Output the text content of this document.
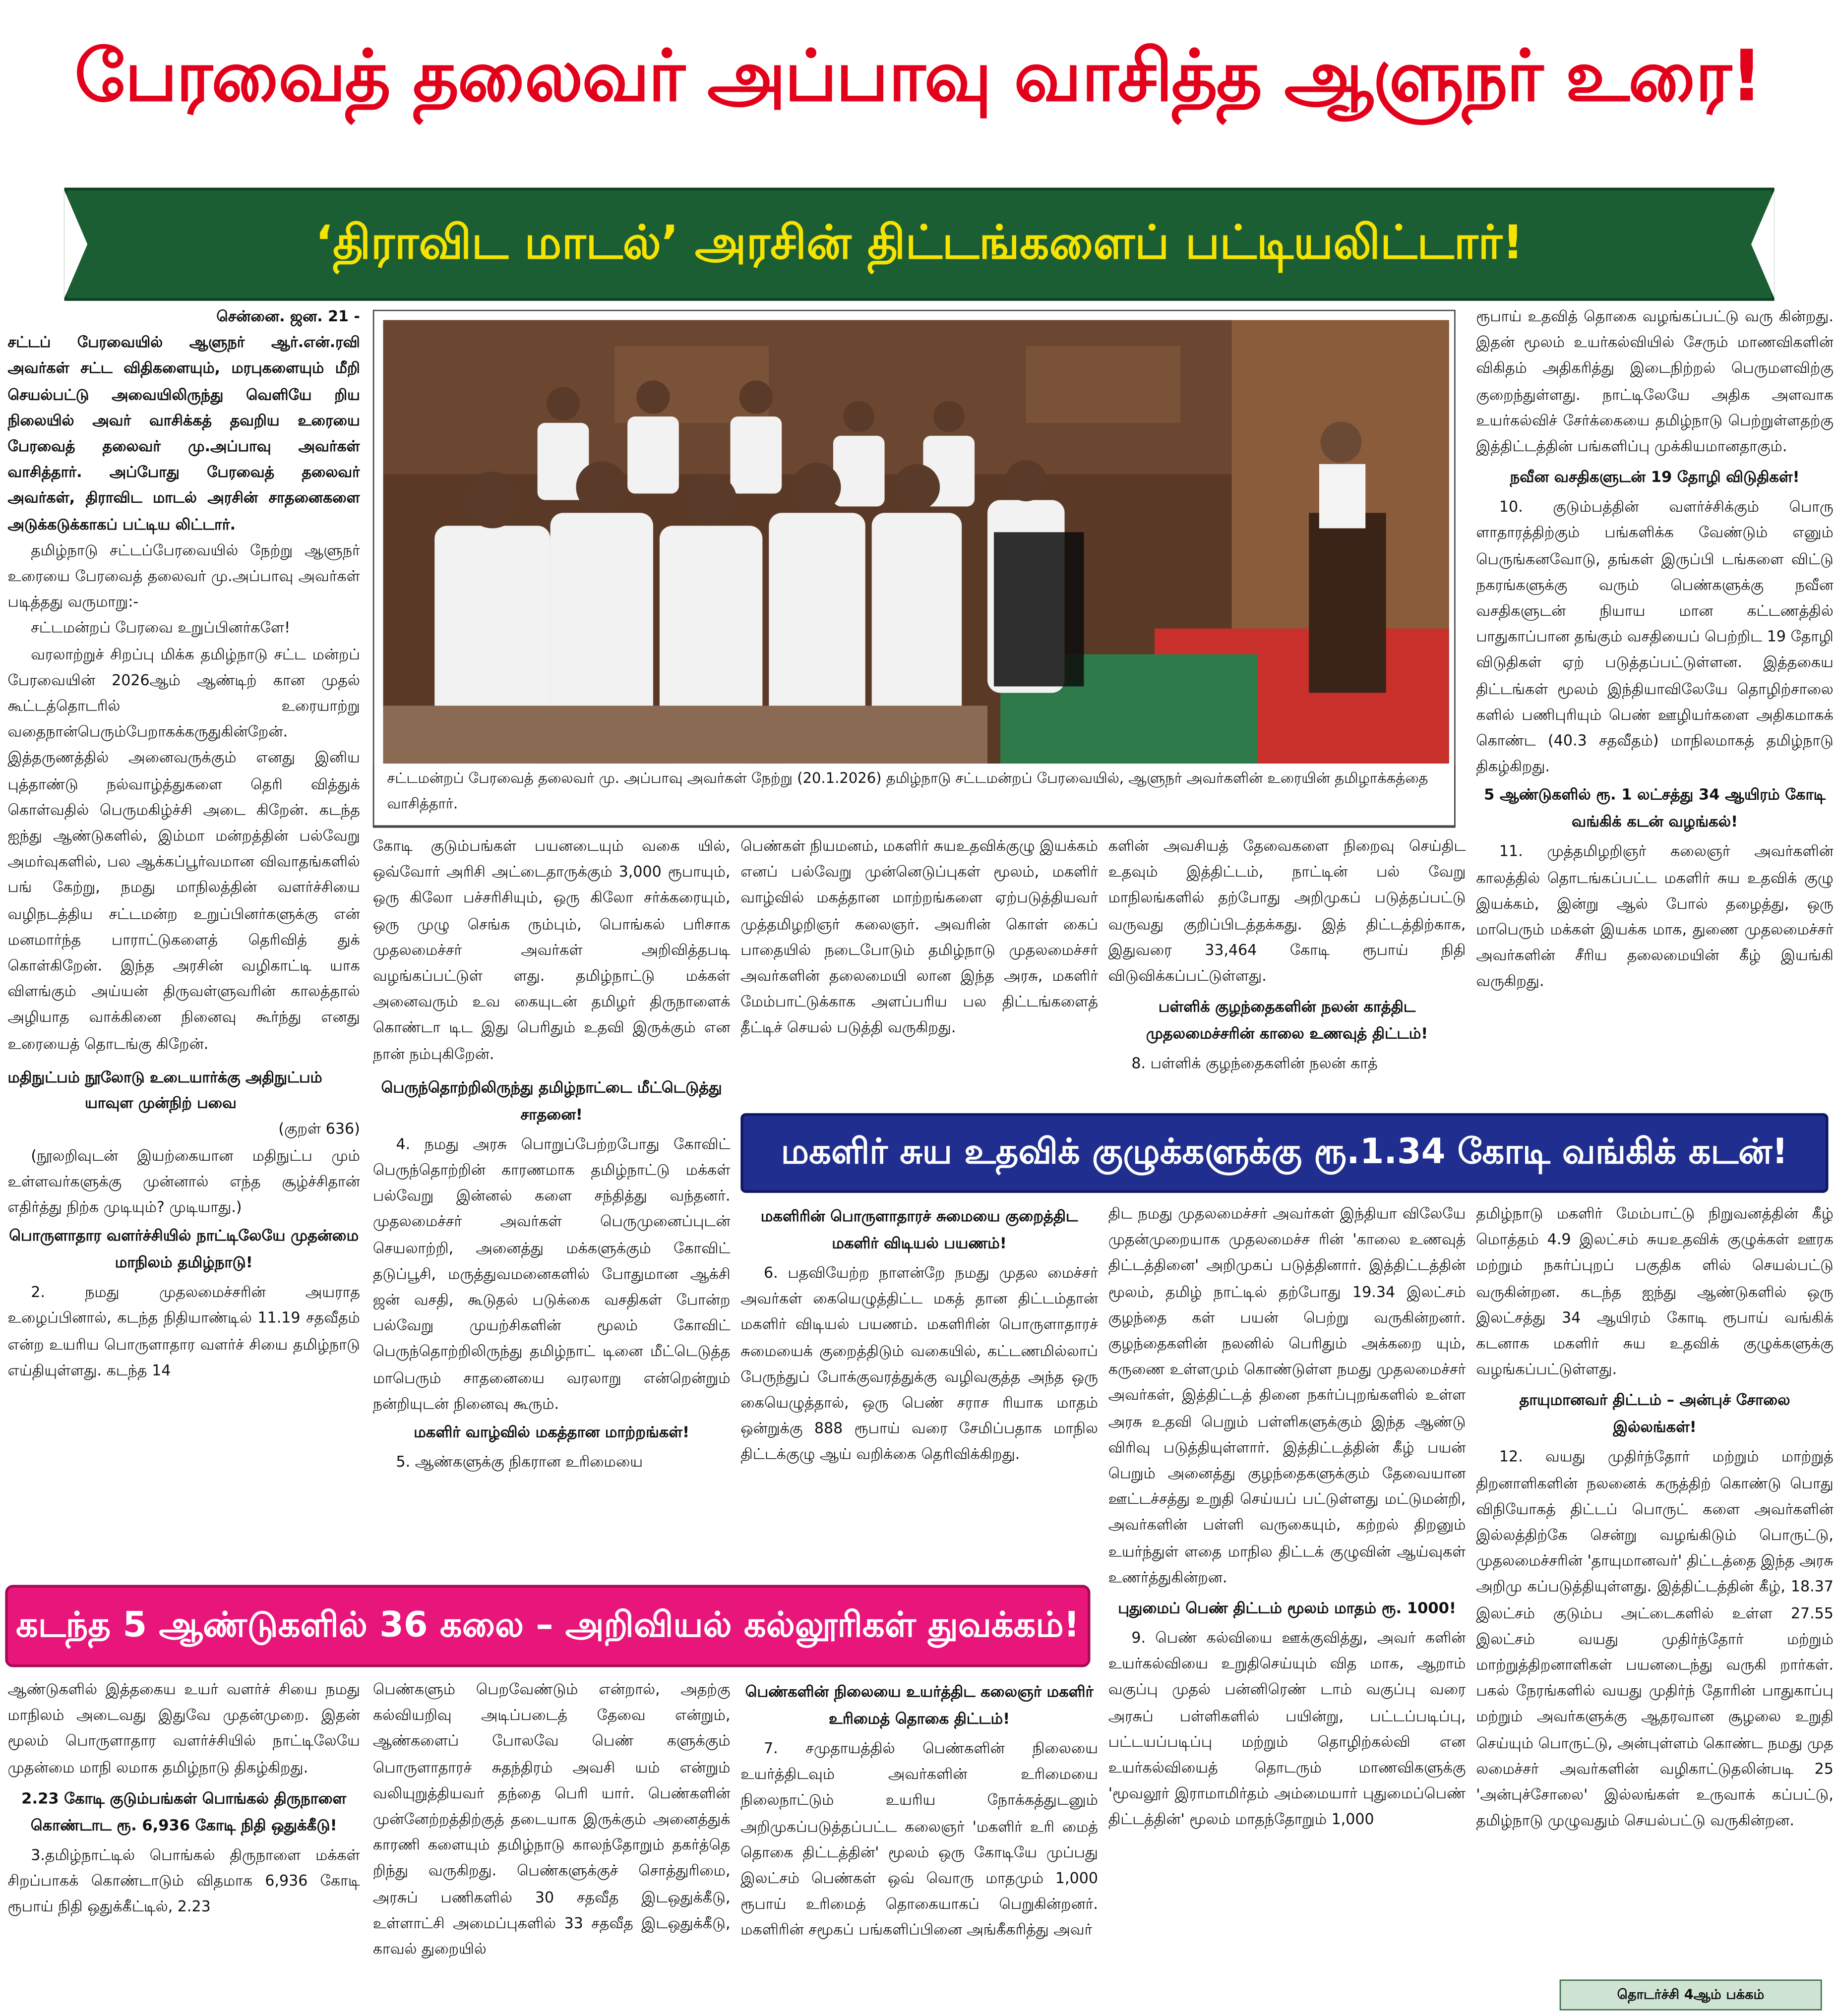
பேரவைத் தலைவர் அப்பாவு வாசித்த ஆளுநர் உரை!
‘திராவிட மாடல்’ அரசின் திட்டங்களைப் பட்டியலிட்டார்!
சென்னை. ஜன. 21 -

சட்டப் பேரவையில் ஆளுநர் ஆர்.என்.ரவி அவர்கள் சட்ட விதிகளையும், மரபுகளையும் மீறி செயல்பட்டு அவையிலிருந்து வெளியே றிய நிலையில் அவர் வாசிக்கத் தவறிய உரையை பேரவைத் தலைவர் மு.அப்பாவு அவர்கள் வாசித்தார். அப்போது பேரவைத் தலைவர் அவர்கள், திராவிட மாடல் அரசின் சாதனைகளை அடுக்கடுக்காகப் பட்டிய லிட்டார்.

தமிழ்நாடு சட்டப்பேரவையில் நேற்று ஆளுநர் உரையை பேரவைத் தலைவர் மு.அப்பாவு அவர்கள் படித்தது வருமாறு:-

சட்டமன்றப் பேரவை உறுப்பினர்களே!

வரலாற்றுச் சிறப்பு மிக்க தமிழ்நாடு சட்ட மன்றப் பேரவையின் 2026ஆம் ஆண்டிற் கான முதல் கூட்டத்தொடரில் உரையாற்று வதைநான்பெரும்பேறாகக்கருதுகின்றேன். இத்தருணத்தில் அனைவருக்கும் எனது இனிய புத்தாண்டு நல்வாழ்த்துகளை தெரி வித்துக் கொள்வதில் பெருமகிழ்ச்சி அடை கிறேன். கடந்த ஐந்து ஆண்டுகளில், இம்மா மன்றத்தின் பல்வேறு அமர்வுகளில், பல ஆக்கப்பூர்வமான விவாதங்களில் பங் கேற்று, நமது மாநிலத்தின் வளர்ச்சியை வழிநடத்திய சட்டமன்ற உறுப்பினர்களுக்கு என் மனமார்ந்த பாராட்டுகளைத் தெரிவித் துக் கொள்கிறேன். இந்த அரசின் வழிகாட்டி யாக விளங்கும் அய்யன் திருவள்ளுவரின் காலத்தால் அழியாத வாக்கினை நினைவு கூர்ந்து எனது உரையைத் தொடங்கு கிறேன்.

மதிநுட்பம் நூலோடு உடையார்க்கு அதிநுட்பம்

யாவுள முன்நிற் பவை

(குறள் 636)

(நூலறிவுடன் இயற்கையான மதிநுட்ப மும் உள்ளவர்களுக்கு முன்னால் எந்த சூழ்ச்சிதான் எதிர்த்து நிற்க முடியும்? முடியாது.)

பொருளாதார வளர்ச்சியில் நாட்டிலேயே முதன்மை மாநிலம் தமிழ்நாடு!

2. நமது முதலமைச்சரின் அயராத உழைப்பினால், கடந்த நிதியாண்டில் 11.19 சதவீதம் என்ற உயரிய பொருளாதார வளர்ச் சியை தமிழ்நாடு எய்தியுள்ளது. கடந்த 14

சட்டமன்றப் பேரவைத் தலைவர் மு. அப்பாவு அவர்கள் நேற்று (20.1.2026) தமிழ்நாடு சட்டமன்றப் பேரவையில், ஆளுநர் அவர்களின் உரையின் தமிழாக்கத்தை வாசித்தார்.

கோடி குடும்பங்கள் பயனடையும் வகை யில், ஒவ்வோர் அரிசி அட்டைதாருக்கும் 3,000 ரூபாயும், ஒரு கிலோ பச்சரிசியும், ஒரு கிலோ சர்க்கரையும், ஒரு முழு செங்க ரும்பும், பொங்கல் பரிசாக முதலமைச்சர் அவர்கள் அறிவித்தபடி வழங்கப்பட்டுள் ளது. தமிழ்நாட்டு மக்கள் அனைவரும் உவ கையுடன் தமிழர் திருநாளைக் கொண்டா டிட இது பெரிதும் உதவி இருக்கும் என நான் நம்புகிறேன்.

பெருந்தொற்றிலிருந்து தமிழ்நாட்டை மீட்டெடுத்து சாதனை!

4. நமது அரசு பொறுப்பேற்றபோது கோவிட் பெருந்தொற்றின் காரணமாக தமிழ்நாட்டு மக்கள் பல்வேறு இன்னல் களை சந்தித்து வந்தனர். முதலமைச்சர் அவர்கள் பெருமுனைப்புடன் செயலாற்றி, அனைத்து மக்களுக்கும் கோவிட் தடுப்பூசி, மருத்துவமனைகளில் போதுமான ஆக்சி ஜன் வசதி, கூடுதல் படுக்கை வசதிகள் போன்ற பல்வேறு முயற்சிகளின் மூலம் கோவிட் பெருந்தொற்றிலிருந்து தமிழ்நாட் டினை மீட்டெடுத்த மாபெரும் சாதனையை வரலாறு என்றென்றும் நன்றியுடன் நினைவு கூரும்.

மகளிர் வாழ்வில் மகத்தான மாற்றங்கள்!

5. ஆண்களுக்கு நிகரான உரிமையை

பெண்கள் நியமனம், மகளிர் சுயஉதவிக்குழு இயக்கம் எனப் பல்வேறு முன்னெடுப்புகள் மூலம், மகளிர் வாழ்வில் மகத்தான மாற்றங்களை ஏற்படுத்தியவர் முத்தமிழறிஞர் கலைஞர். அவரின் கொள் கைப் பாதையில் நடைபோடும் தமிழ்நாடு முதலமைச்சர் அவர்களின் தலைமையி லான இந்த அரசு, மகளிர் மேம்பாட்டுக்காக அளப்பரிய பல திட்டங்களைத் தீட்டிச் செயல் படுத்தி வருகிறது.

களின் அவசியத் தேவைகளை நிறைவு செய்திட உதவும் இத்திட்டம், நாட்டின் பல் வேறு மாநிலங்களில் தற்போது அறிமுகப் படுத்தப்பட்டு வருவது குறிப்பிடத்தக்கது. இத் திட்டத்திற்காக, இதுவரை 33,464 கோடி ரூபாய் நிதி விடுவிக்கப்பட்டுள்ளது.

பள்ளிக் குழந்தைகளின் நலன் காத்திட முதலமைச்சரின் காலை உணவுத் திட்டம்!

8. பள்ளிக் குழந்தைகளின் நலன் காத்

ரூபாய் உதவித் தொகை வழங்கப்பட்டு வரு கின்றது. இதன் மூலம் உயர்கல்வியில் சேரும் மாணவிகளின் விகிதம் அதிகரித்து இடைநிற்றல் பெருமளவிற்கு குறைந்துள்ளது. நாட்டிலேயே அதிக அளவாக உயர்கல்விச் சேர்க்கையை தமிழ்நாடு பெற்றுள்ளதற்கு இத்திட்டத்தின் பங்களிப்பு முக்கியமானதாகும்.

நவீன வசதிகளுடன் 19 தோழி விடுதிகள்!

10. குடும்பத்தின் வளர்ச்சிக்கும் பொரு ளாதாரத்திற்கும் பங்களிக்க வேண்டும் எனும் பெருங்கனவோடு, தங்கள் இருப்பி டங்களை விட்டு நகரங்களுக்கு வரும் பெண்களுக்கு நவீன வசதிகளுடன் நியாய மான கட்டணத்தில் பாதுகாப்பான தங்கும் வசதியைப் பெற்றிட 19 தோழி விடுதிகள் ஏற் படுத்தப்பட்டுள்ளன. இத்தகைய திட்டங்கள் மூலம் இந்தியாவிலேயே தொழிற்சாலை களில் பணிபுரியும் பெண் ஊழியர்களை அதிகமாகக் கொண்ட (40.3 சதவீதம்) மாநிலமாகத் தமிழ்நாடு திகழ்கிறது.

5 ஆண்டுகளில் ரூ. 1 லட்சத்து 34 ஆயிரம் கோடி வங்கிக் கடன் வழங்கல்!

11. முத்தமிழறிஞர் கலைஞர் அவர்களின் காலத்தில் தொடங்கப்பட்ட மகளிர் சுய உதவிக் குழு இயக்கம், இன்று ஆல் போல் தழைத்து, ஒரு மாபெரும் மக்கள் இயக்க மாக, துணை முதலமைச்சர் அவர்களின் சீரிய தலைமையின் கீழ் இயங்கி வருகிறது.

மகளிர் சுய உதவிக் குழுக்களுக்கு ரூ.1.34 கோடி வங்கிக் கடன்!
மகளிரின் பொருளாதாரச் சுமையை குறைத்திட மகளிர் விடியல் பயணம்!

6. பதவியேற்ற நாளன்றே நமது முதல மைச்சர் அவர்கள் கையெழுத்திட்ட மகத் தான திட்டம்தான் மகளிர் விடியல் பயணம். மகளிரின் பொருளாதாரச் சுமையைக் குறைத்திடும் வகையில், கட்டணமில்லாப் பேருந்துப் போக்குவரத்துக்கு வழிவகுத்த அந்த ஒரு கையெழுத்தால், ஒரு பெண் சராச ரியாக மாதம் ஒன்றுக்கு 888 ரூபாய் வரை சேமிப்பதாக மாநில திட்டக்குழு ஆய் வறிக்கை தெரிவிக்கிறது.

திட நமது முதலமைச்சர் அவர்கள் இந்தியா விலேயே முதன்முறையாக முதலமைச்ச ரின் 'காலை உணவுத் திட்டத்தினை' அறிமுகப் படுத்தினார். இத்திட்டத்தின் மூலம், தமிழ் நாட்டில் தற்போது 19.34 இலட்சம் குழந்தை கள் பயன் பெற்று வருகின்றனர். குழந்தைகளின் நலனில் பெரிதும் அக்கறை யும், கருணை உள்ளமும் கொண்டுள்ள நமது முதலமைச்சர் அவர்கள், இத்திட்டத் தினை நகர்ப்புறங்களில் உள்ள அரசு உதவி பெறும் பள்ளிகளுக்கும் இந்த ஆண்டு விரிவு படுத்தியுள்ளார். இத்திட்டத்தின் கீழ் பயன் பெறும் அனைத்து குழந்தைகளுக்கும் தேவையான ஊட்டச்சத்து உறுதி செய்யப் பட்டுள்ளது மட்டுமன்றி, அவர்களின் பள்ளி வருகையும், கற்றல் திறனும் உயர்ந்துள் ளதை மாநில திட்டக் குழுவின் ஆய்வுகள் உணர்த்துகின்றன.

புதுமைப் பெண் திட்டம் மூலம் மாதம் ரூ. 1000!

9. பெண் கல்வியை ஊக்குவித்து, அவர் களின் உயர்கல்வியை உறுதிசெய்யும் வித மாக, ஆறாம் வகுப்பு முதல் பன்னிரெண் டாம் வகுப்பு வரை அரசுப் பள்ளிகளில் பயின்று, பட்டப்படிப்பு, பட்டயப்படிப்பு மற்றும் தொழிற்கல்வி என உயர்கல்வியைத் தொடரும் மாணவிகளுக்கு 'மூவலூர் இராமாமிர்தம் அம்மையார் புதுமைப்பெண் திட்டத்தின்' மூலம் மாதந்தோறும் 1,000

தமிழ்நாடு மகளிர் மேம்பாட்டு நிறுவனத்தின் கீழ் மொத்தம் 4.9 இலட்சம் சுயஉதவிக் குழுக்கள் ஊரக மற்றும் நகர்ப்புறப் பகுதிக ளில் செயல்பட்டு வருகின்றன. கடந்த ஐந்து ஆண்டுகளில் ஒரு இலட்சத்து 34 ஆயிரம் கோடி ரூபாய் வங்கிக் கடனாக மகளிர் சுய உதவிக் குழுக்களுக்கு வழங்கப்பட்டுள்ளது.

தாயுமானவர் திட்டம் – அன்புச் சோலை இல்லங்கள்!

12. வயது முதிர்ந்தோர் மற்றும் மாற்றுத் திறனாளிகளின் நலனைக் கருத்திற் கொண்டு பொது விநியோகத் திட்டப் பொருட் களை அவர்களின் இல்லத்திற்கே சென்று வழங்கிடும் பொருட்டு, முதலமைச்சரின் 'தாயுமானவர்' திட்டத்தை இந்த அரசு அறிமு கப்படுத்தியுள்ளது. இத்திட்டத்தின் கீழ், 18.37 இலட்சம் குடும்ப அட்டைகளில் உள்ள 27.55 இலட்சம் வயது முதிர்ந்தோர் மற்றும் மாற்றுத்திறனாளிகள் பயனடைந்து வருகி றார்கள். பகல் நேரங்களில் வயது முதிர்ந் தோரின் பாதுகாப்பு மற்றும் அவர்களுக்கு ஆதரவான சூழலை உறுதி செய்யும் பொருட்டு, அன்புள்ளம் கொண்ட நமது முத லமைச்சர் அவர்களின் வழிகாட்டுதலின்படி 25 'அன்புச்சோலை' இல்லங்கள் உருவாக் கப்பட்டு, தமிழ்நாடு முழுவதும் செயல்பட்டு வருகின்றன.

கடந்த 5 ஆண்டுகளில் 36 கலை – அறிவியல் கல்லூரிகள் துவக்கம்!

ஆண்டுகளில் இத்தகைய உயர் வளர்ச் சியை நமது மாநிலம் அடைவது இதுவே முதன்முறை. இதன் மூலம் பொருளாதார வளர்ச்சியில் நாட்டிலேயே முதன்மை மாநி லமாக தமிழ்நாடு திகழ்கிறது.

2.23 கோடி குடும்பங்கள் பொங்கல் திருநாளை கொண்டாட ரூ. 6,936 கோடி நிதி ஒதுக்கீடு!

3.தமிழ்நாட்டில் பொங்கல் திருநாளை மக்கள் சிறப்பாகக் கொண்டாடும் விதமாக 6,936 கோடி ரூபாய் நிதி ஒதுக்கீட்டில், 2.23

பெண்களும் பெறவேண்டும் என்றால், அதற்கு கல்வியறிவு அடிப்படைத் தேவை என்றும், ஆண்களைப் போலவே பெண் களுக்கும் பொருளாதாரச் சுதந்திரம் அவசி யம் என்றும் வலியுறுத்தியவர் தந்தை பெரி யார். பெண்களின் முன்னேற்றத்திற்குத் தடையாக இருக்கும் அனைத்துக் காரணி களையும் தமிழ்நாடு காலந்தோறும் தகர்த்தெ றிந்து வருகிறது. பெண்களுக்குச் சொத்துரிமை, அரசுப் பணிகளில் 30 சதவீத இடஒதுக்கீடு, உள்ளாட்சி அமைப்புகளில் 33 சதவீத இடஒதுக்கீடு, காவல் துறையில்

பெண்களின் நிலையை உயர்த்திட கலைஞர் மகளிர் உரிமைத் தொகை திட்டம்!

7. சமுதாயத்தில் பெண்களின் நிலையை உயர்த்திடவும் அவர்களின் உரிமையை நிலைநாட்டும் உயரிய நோக்கத்துடனும் அறிமுகப்படுத்தப்பட்ட கலைஞர் 'மகளிர் உரி மைத் தொகை திட்டத்தின்' மூலம் ஒரு கோடியே முப்பது இலட்சம் பெண்கள் ஒவ் வொரு மாதமும் 1,000 ரூபாய் உரிமைத் தொகையாகப் பெறுகின்றனர். மகளிரின் சமூகப் பங்களிப்பினை அங்கீகரித்து அவர்

தொடர்ச்சி 4ஆம் பக்கம்
